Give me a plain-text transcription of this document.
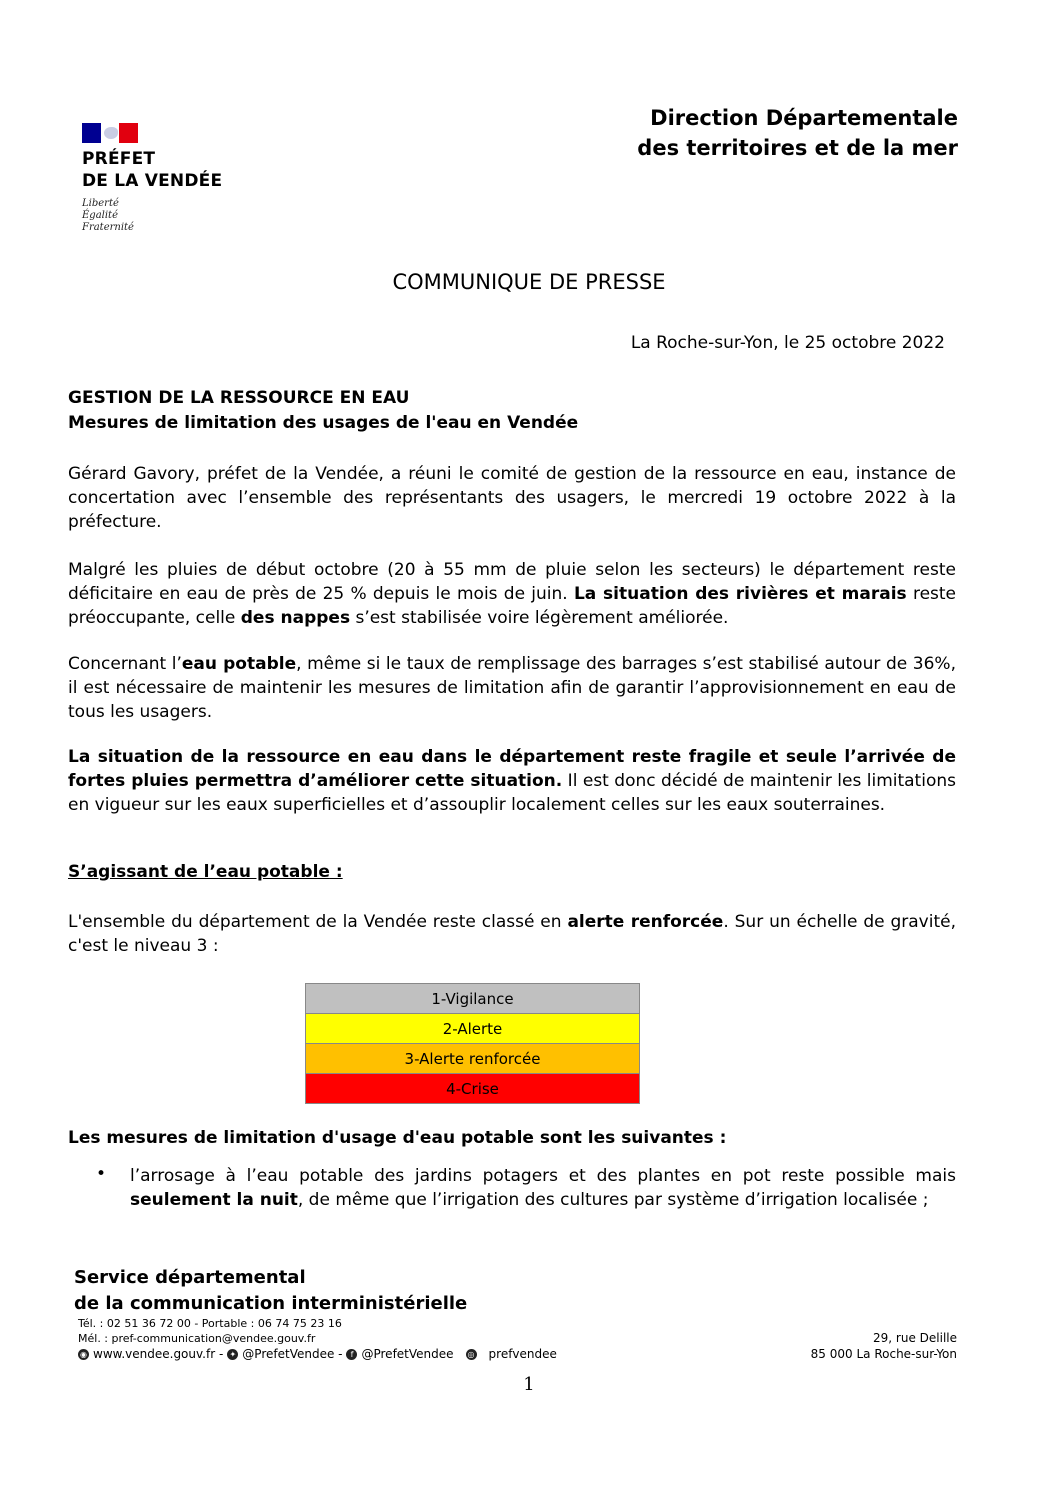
PRÉFET
DE LA VENDÉE
Liberté
Égalité
Fraternité
Direction Départementale
des territoires et de la mer
COMMUNIQUE DE PRESSE
La Roche-sur-Yon, le 25 octobre 2022
GESTION DE LA RESSOURCE EN EAU
Mesures de limitation des usages de l'eau en Vendée
Gérard Gavory, préfet de la Vendée, a réuni le comité de gestion de la ressource en eau, instance de concertation avec l’ensemble des représentants des usagers, le mercredi 19 octobre 2022 à la préfecture.
Malgré les pluies de début octobre (20 à 55 mm de pluie selon les secteurs) le département reste déficitaire en eau de près de 25 % depuis le mois de juin. La situation des rivières et marais reste préoccupante, celle des nappes s’est stabilisée voire légèrement améliorée.
Concernant l’eau potable, même si le taux de remplissage des barrages s’est stabilisé autour de 36%, il est nécessaire de maintenir les mesures de limitation afin de garantir l’approvisionnement en eau de tous les usagers.
La situation de la ressource en eau dans le département reste fragile et seule l’arrivée de fortes pluies permettra d’améliorer cette situation. Il est donc décidé de maintenir les limitations en vigueur sur les eaux superficielles et d’assouplir localement celles sur les eaux souterraines.
S’agissant de l’eau potable :
L'ensemble du département de la Vendée reste classé en alerte renforcée. Sur un échelle de gravité, c'est le niveau 3 :
1-Vigilance
2-Alerte
3-Alerte renforcée
4-Crise
Les mesures de limitation d'usage d'eau potable sont les suivantes :
• l’arrosage à l’eau potable des jardins potagers et des plantes en pot reste possible mais seulement la nuit, de même que l’irrigation des cultures par système d’irrigation localisée ;
Service départemental
de la communication interministérielle
Tél. : 02 51 36 72 00 - Portable : 06 74 75 23 16
Mél. : pref-communication@vendee.gouv.fr
◉ www.vendee.gouv.fr - ✦ @PrefetVendee -	f @PrefetVendee ◎ prefvendee
29, rue Delille
85 000 La Roche-sur-Yon
1
